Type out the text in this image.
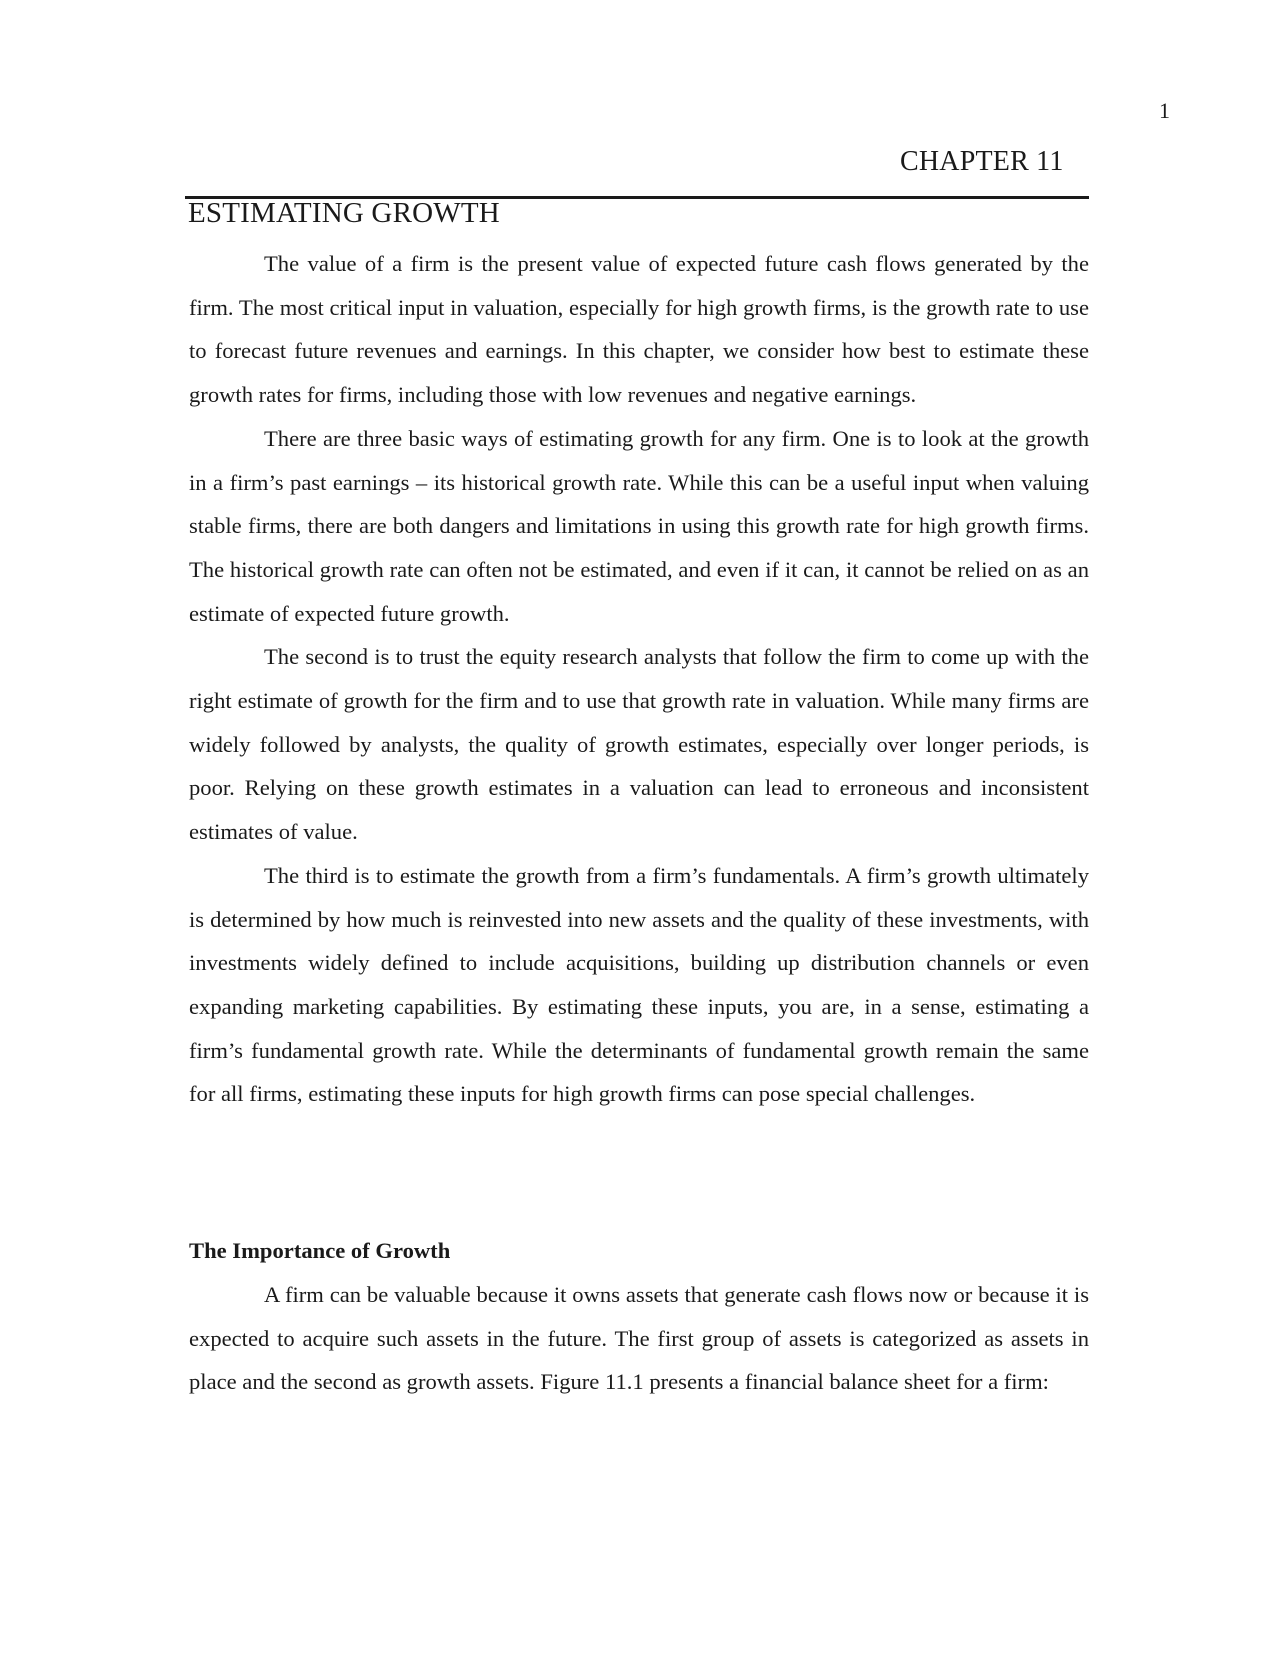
1
CHAPTER 11
ESTIMATING GROWTH

The value of a firm is the present value of expected future cash flows generated by the firm. The most critical input in valuation, especially for high growth firms, is the growth rate to use to forecast future revenues and earnings. In this chapter, we consider how best to estimate these growth rates for firms, including those with low revenues and negative earnings.

There are three basic ways of estimating growth for any firm. One is to look at the growth in a firm’s past earnings – its historical growth rate. While this can be a useful input when valuing stable firms, there are both dangers and limitations in using this growth rate for high growth firms. The historical growth rate can often not be estimated, and even if it can, it cannot be relied on as an estimate of expected future growth.

The second is to trust the equity research analysts that follow the firm to come up with the right estimate of growth for the firm and to use that growth rate in valuation. While many firms are widely followed by analysts, the quality of growth estimates, especially over longer periods, is poor. Relying on these growth estimates in a valuation can lead to erroneous and inconsistent estimates of value.

The third is to estimate the growth from a firm’s fundamentals. A firm’s growth ultimately is determined by how much is reinvested into new assets and the quality of these investments, with investments widely defined to include acquisitions, building up distribution channels or even expanding marketing capabilities. By estimating these inputs, you are, in a sense, estimating a firm’s fundamental growth rate. While the determinants of fundamental growth remain the same for all firms, estimating these inputs for high growth firms can pose special challenges.

The Importance of Growth

A firm can be valuable because it owns assets that generate cash flows now or because it is expected to acquire such assets in the future. The first group of assets is categorized as assets in place and the second as growth assets. Figure 11.1 presents a financial balance sheet for a firm:
